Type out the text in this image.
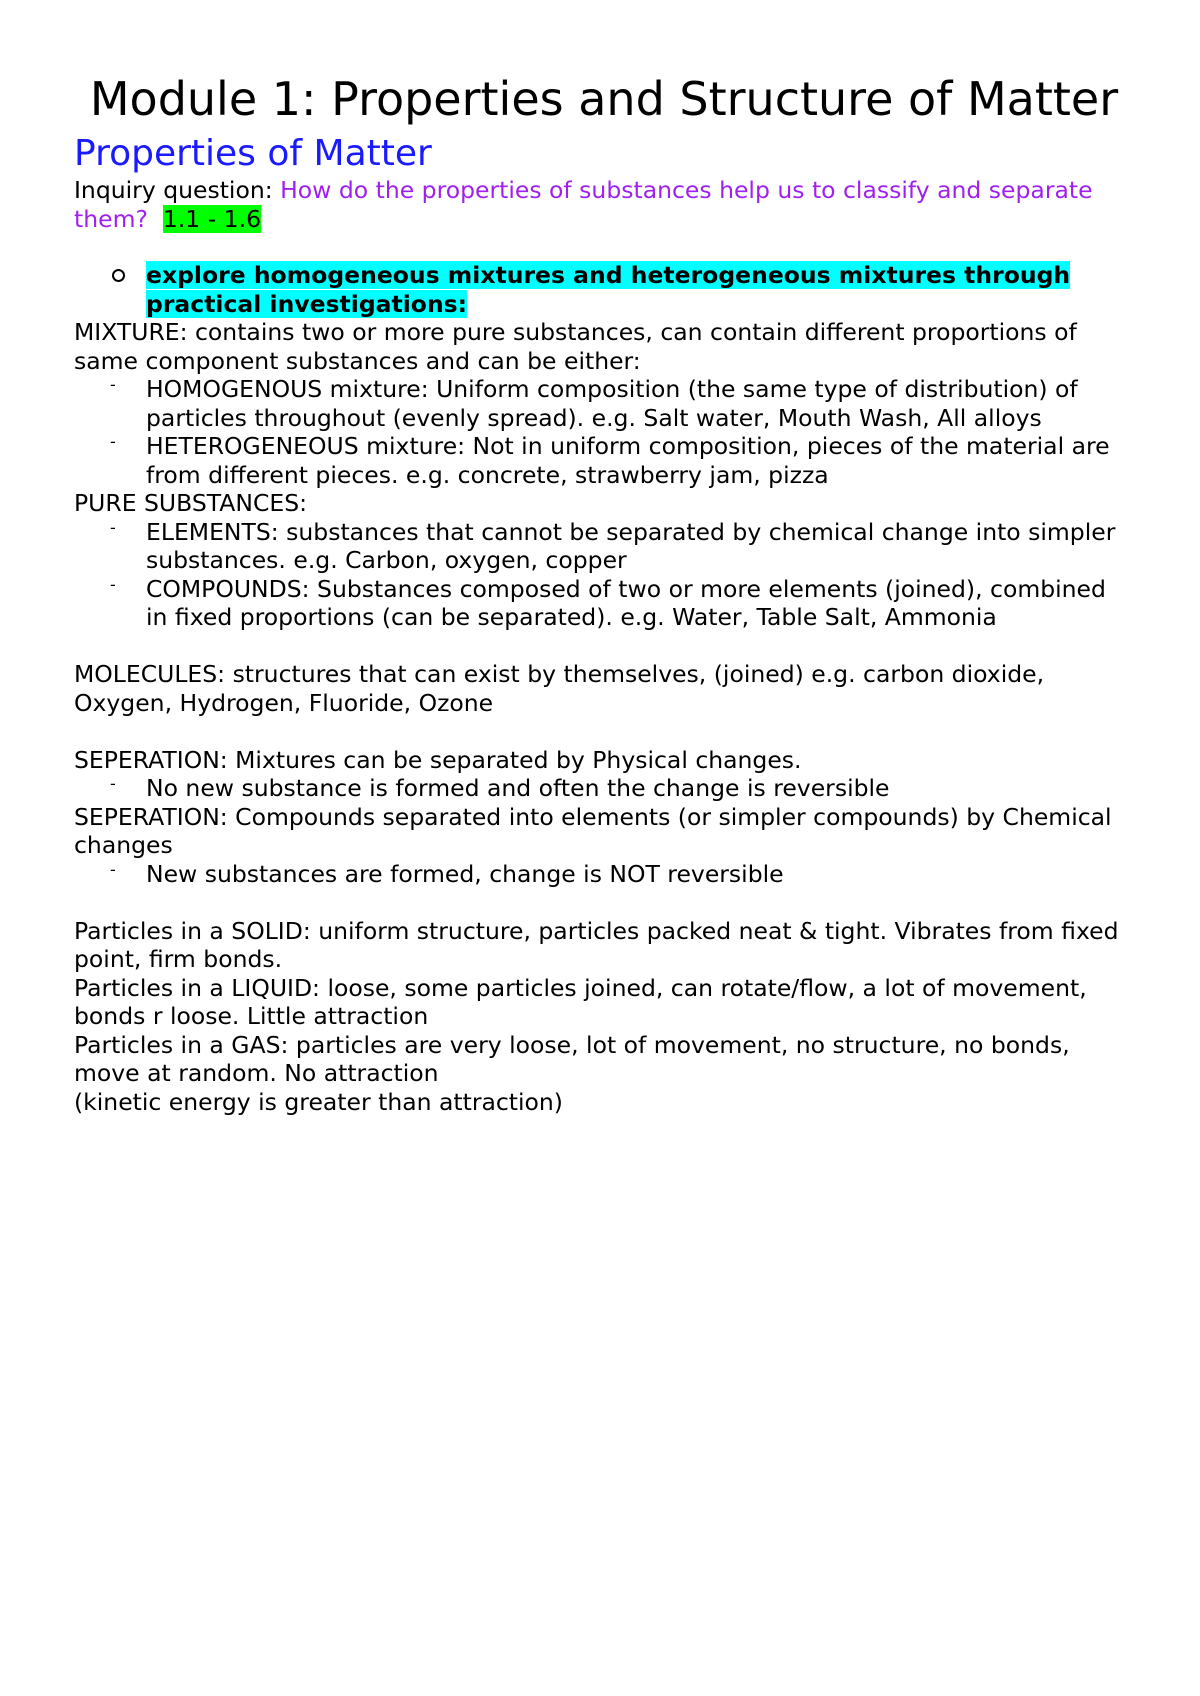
Module 1: Properties and Structure of Matter
Properties of Matter

Inquiry question: How do the properties of substances help us to classify and separate them? 1.1 - 1.6

explore homogeneous mixtures and heterogeneous mixtures through practical investigations:

MIXTURE: contains two or more pure substances, can contain different proportions of same component substances and can be either:

- HOMOGENOUS mixture: Uniform composition (the same type of distribution) of particles throughout (evenly spread). e.g. Salt water, Mouth Wash, All alloys

- HETEROGENEOUS mixture: Not in uniform composition, pieces of the material are from different pieces. e.g. concrete, strawberry jam, pizza

PURE SUBSTANCES:

- ELEMENTS: substances that cannot be separated by chemical change into simpler substances. e.g. Carbon, oxygen, copper

- COMPOUNDS: Substances composed of two or more elements (joined), combined in fixed proportions (can be separated). e.g. Water, Table Salt, Ammonia

MOLECULES: structures that can exist by themselves, (joined) e.g. carbon dioxide, Oxygen, Hydrogen, Fluoride, Ozone

SEPERATION: Mixtures can be separated by Physical changes.

- No new substance is formed and often the change is reversible

SEPERATION: Compounds separated into elements (or simpler compounds) by Chemical changes

- New substances are formed, change is NOT reversible

Particles in a SOLID: uniform structure, particles packed neat & tight. Vibrates from fixed point, firm bonds.

Particles in a LIQUID: loose, some particles joined, can rotate/flow, a lot of movement, bonds r loose. Little attraction

Particles in a GAS: particles are very loose, lot of movement, no structure, no bonds, move at random. No attraction

(kinetic energy is greater than attraction)
